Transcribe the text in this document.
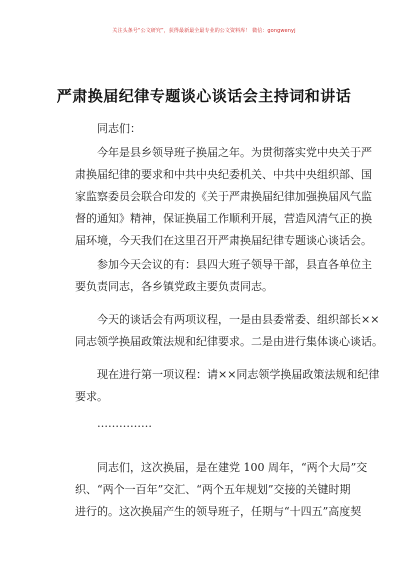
关注头条号“公文研究”，获得最新最全最专业的公文资料库！ 微信：gongwenyj
严肃换届纪律专题谈心谈话会主持词和讲话
同志们：
今年是县乡领导班子换届之年。为贯彻落实党中央关于严
肃换届纪律的要求和中共中央纪委机关、中共中央组织部、国
家监察委员会联合印发的《关于严肃换届纪律加强换届风气监
督的通知》精神，保证换届工作顺利开展，营造风清气正的换
届环境，今天我们在这里召开严肃换届纪律专题谈心谈话会。
参加今天会议的有：县四大班子领导干部，县直各单位主
要负责同志，各乡镇党政主要负责同志。
今天的谈话会有两项议程，一是由县委常委、组织部长××
同志领学换届政策法规和纪律要求。二是由进行集体谈心谈话。
现在进行第一项议程：请××同志领学换届政策法规和纪律
要求。
……………
同志们，这次换届，是在建党 100 周年，“两个大局”交
织、“两个一百年”交汇、“两个五年规划”交接的关键时期
进行的。这次换届产生的领导班子，任期与“十四五”高度契
